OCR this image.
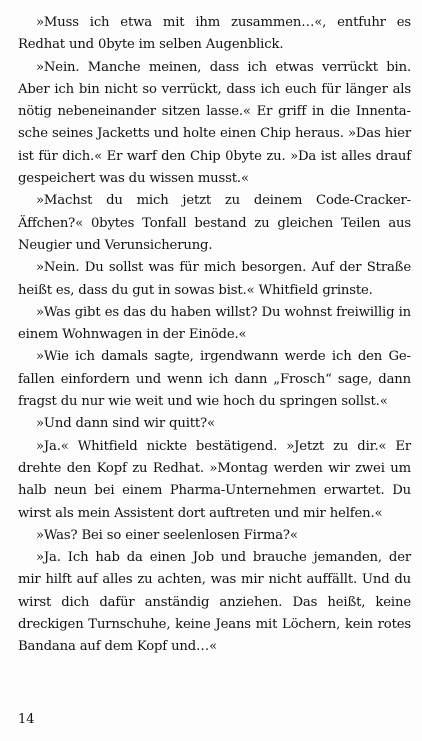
»Muss ich etwa mit ihm zusammen…«, entfuhr es Redhat und 0byte im selben Augenblick.

»Nein. Manche meinen, dass ich etwas verrückt bin. Aber ich bin nicht so verrückt, dass ich euch für länger als nötig nebeneinander sitzen lasse.« Er griff in die Innentasche seines Jacketts und holte einen Chip heraus. »Das hier ist für dich.« Er warf den Chip 0byte zu. »Da ist alles drauf gespeichert was du wissen musst.«

»Machst du mich jetzt zu deinem Code-Cracker-Äffchen?« 0bytes Tonfall bestand zu gleichen Teilen aus Neugier und Verunsicherung.

»Nein. Du sollst was für mich besorgen. Auf der Straße heißt es, dass du gut in sowas bist.« Whitfield grinste.

»Was gibt es das du haben willst? Du wohnst freiwillig in einem Wohnwagen in der Einöde.«

»Wie ich damals sagte, irgendwann werde ich den Gefallen einfordern und wenn ich dann „Frosch“ sage, dann fragst du nur wie weit und wie hoch du springen sollst.«

»Und dann sind wir quitt?«

»Ja.« Whitfield nickte bestätigend. »Jetzt zu dir.« Er drehte den Kopf zu Redhat. »Montag werden wir zwei um halb neun bei einem Pharma-Unternehmen erwartet. Du wirst als mein Assistent dort auftreten und mir helfen.«

»Was? Bei so einer seelenlosen Firma?«

»Ja. Ich hab da einen Job und brauche jemanden, der mir hilft auf alles zu achten, was mir nicht auffällt. Und du wirst dich dafür anständig anziehen. Das heißt, keine dreckigen Turnschuhe, keine Jeans mit Löchern, kein rotes Bandana auf dem Kopf und…«

14
